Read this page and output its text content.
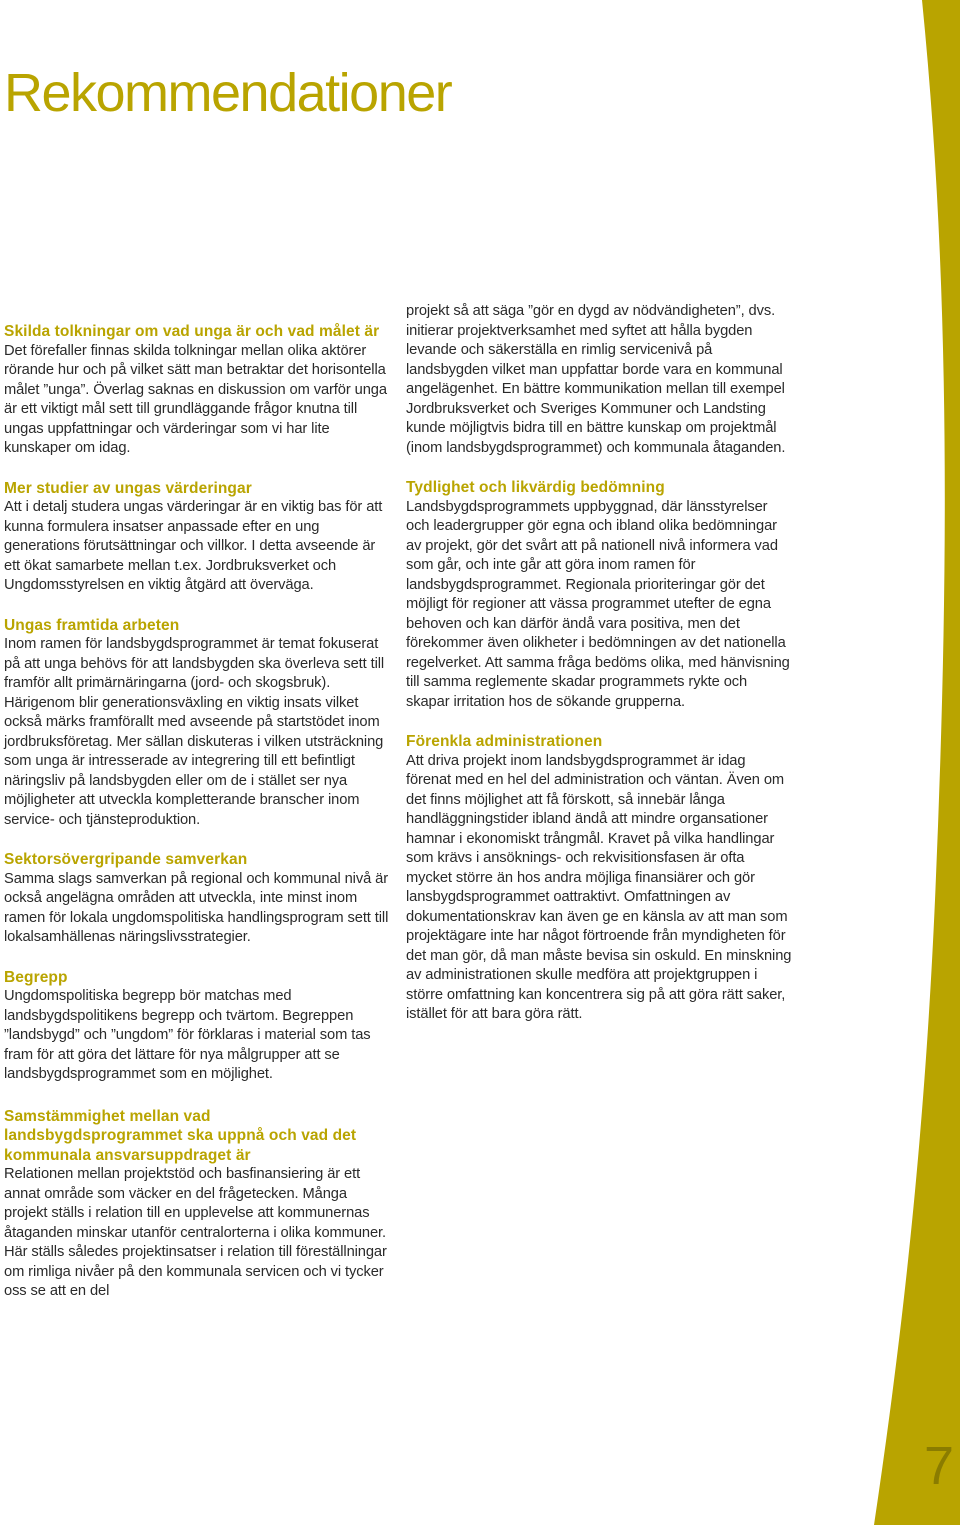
Rekommendationer
Skilda tolkningar om vad unga är och vad målet är

Det förefaller finnas skilda tolkningar mellan olika aktörer rörande hur och på vilket sätt man betraktar det horisontella målet ”unga”. Överlag saknas en diskussion om varför unga är ett viktigt mål sett till grundläggande frågor knutna till ungas uppfattningar och värderingar som vi har lite kunskaper om idag.

Mer studier av ungas värderingar

Att i detalj studera ungas värderingar är en viktig bas för att kunna formulera insatser anpassade efter en ung generations förutsättningar och villkor. I detta avseende är ett ökat samarbete mellan t.ex. Jordbruksverket och Ungdomsstyrelsen en viktig åtgärd att överväga.

Ungas framtida arbeten

Inom ramen för landsbygdsprogrammet är temat fokuserat på att unga behövs för att landsbygden ska överleva sett till framför allt primärnäringarna (jord- och skogsbruk). Härigenom blir generationsväxling en viktig insats vilket också märks framförallt med avseende på startstödet inom jordbruksföretag. Mer sällan diskuteras i vilken utsträckning som unga är intresserade av integrering till ett befintligt näringsliv på landsbygden eller om de i stället ser nya möjligheter att utveckla kompletterande branscher inom service- och tjänsteproduktion.

Sektorsövergripande samverkan

Samma slags samverkan på regional och kommunal nivå är också angelägna områden att utveckla, inte minst inom ramen för lokala ungdomspolitiska handlingsprogram sett till lokalsamhällenas näringslivsstrategier.

Begrepp

Ungdomspolitiska begrepp bör matchas med landsbygdspolitikens begrepp och tvärtom. Begreppen ”landsbygd” och ”ungdom” för förklaras i material som tas fram för att göra det lättare för nya målgrupper att se landsbygdsprogrammet som en möjlighet.

Samstämmighet mellan vad landsbygdsprogrammet ska uppnå och vad det kommunala ansvarsuppdraget är

Relationen mellan projektstöd och basfinansiering är ett annat område som väcker en del frågetecken. Många projekt ställs i relation till en upplevelse att kommunernas åtaganden minskar utanför centralorterna i olika kommuner. Här ställs således projektinsatser i relation till föreställningar om rimliga nivåer på den kommunala servicen och vi tycker oss se att en del

projekt så att säga ”gör en dygd av nödvändigheten”, dvs. initierar projektverksamhet med syftet att hålla bygden levande och säkerställa en rimlig servicenivå på landsbygden vilket man uppfattar borde vara en kommunal angelägenhet. En bättre kommunikation mellan till exempel Jordbruksverket och Sveriges Kommuner och Landsting kunde möjligtvis bidra till en bättre kunskap om projektmål (inom landsbygdsprogrammet) och kommunala åtaganden.

Tydlighet och likvärdig bedömning

Landsbygdsprogrammets uppbyggnad, där länsstyrelser och leadergrupper gör egna och ibland olika bedömningar av projekt, gör det svårt att på nationell nivå informera vad som går, och inte går att göra inom ramen för landsbygdsprogrammet. Regionala prioriteringar gör det möjligt för regioner att vässa programmet utefter de egna behoven och kan därför ändå vara positiva, men det förekommer även olikheter i bedömningen av det nationella regelverket. Att samma fråga bedöms olika, med hänvisning till samma reglemente skadar programmets rykte och skapar irritation hos de sökande grupperna.

Förenkla administrationen

Att driva projekt inom landsbygdsprogrammet är idag förenat med en hel del administration och väntan. Även om det finns möjlighet att få förskott, så innebär långa handläggningstider ibland ändå att mindre organsationer hamnar i ekonomiskt trångmål. Kravet på vilka handlingar som krävs i ansöknings- och rekvisitionsfasen är ofta mycket större än hos andra möjliga finansiärer och gör lansbygdsprogrammet oattraktivt. Omfattningen av dokumentationskrav kan även ge en känsla av att man som projektägare inte har något förtroende från myndigheten för det man gör, då man måste bevisa sin oskuld. En minskning av administrationen skulle medföra att projektgruppen i större omfattning kan koncentrera sig på att göra rätt saker, istället för att bara göra rätt.

7
